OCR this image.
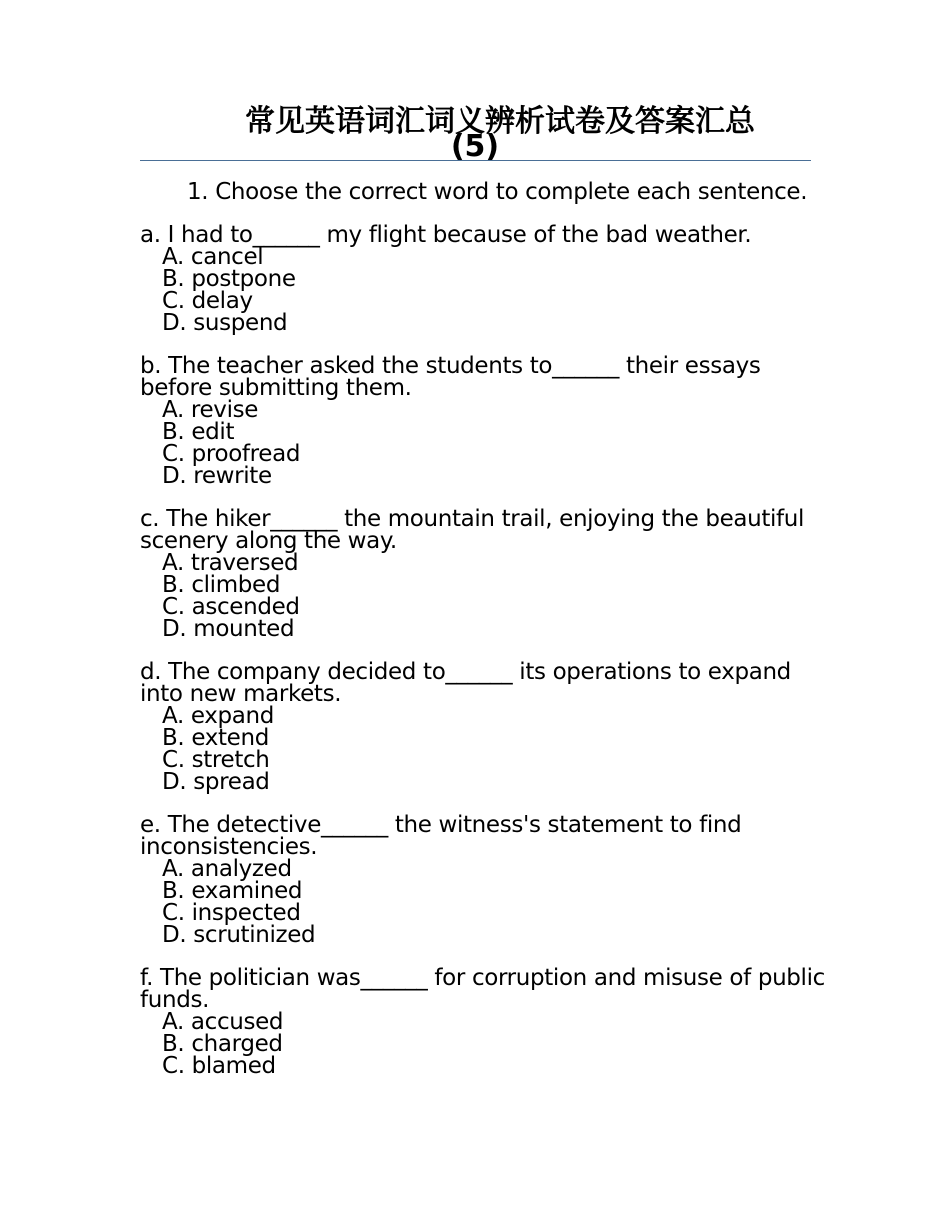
常见英语词汇词义辨析试卷及答案汇总
(5)

1. Choose the correct word to complete each sentence.

a. I had to______ my flight because of the bad weather.

A. cancel
B. postpone
C. delay
D. suspend

b. The teacher asked the students to______ their essays before submitting them.

A. revise
B. edit
C. proofread
D. rewrite

c. The hiker______ the mountain trail, enjoying the beautiful scenery along the way.

A. traversed
B. climbed
C. ascended
D. mounted

d. The company decided to______ its operations to expand into new markets.

A. expand
B. extend
C. stretch
D. spread

e. The detective______ the witness's statement to find inconsistencies.

A. analyzed
B. examined
C. inspected
D. scrutinized

f. The politician was______ for corruption and misuse of public funds.

A. accused
B. charged
C. blamed
